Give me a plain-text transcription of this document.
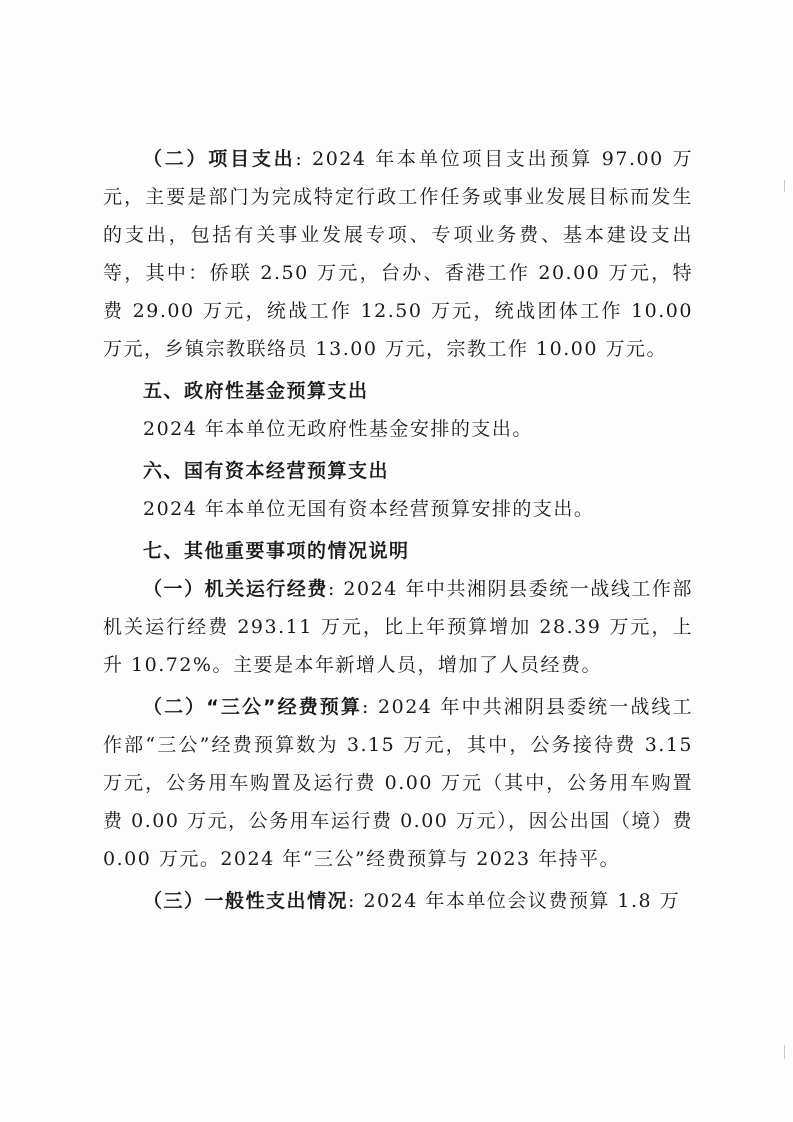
（二）项目支出: 2024 年本单位项目支出预算 97.00 万元，主要是部门为完成特定行政工作任务或事业发展目标而发生的支出，包括有关事业发展专项、专项业务费、基本建设支出等，其中：侨联 2.50 万元，台办、香港工作 20.00 万元，特费 29.00 万元，统战工作 12.50 万元，统战团体工作 10.00 万元，乡镇宗教联络员 13.00 万元，宗教工作 10.00 万元。

五、政府性基金预算支出
2024 年本单位无政府性基金安排的支出。
六、国有资本经营预算支出
2024 年本单位无国有资本经营预算安排的支出。
七、其他重要事项的情况说明

（一）机关运行经费: 2024 年中共湘阴县委统一战线工作部机关运行经费 293.11 万元，比上年预算增加 28.39 万元，上升 10.72%。主要是本年新增人员，增加了人员经费。

（二）“三公”经费预算: 2024 年中共湘阴县委统一战线工作部“三公”经费预算数为 3.15 万元，其中，公务接待费 3.15 万元，公务用车购置及运行费 0.00 万元（其中，公务用车购置费 0.00 万元，公务用车运行费 0.00 万元），因公出国（境）费 0.00 万元。2024 年“三公”经费预算与 2023 年持平。

（三）一般性支出情况: 2024 年本单位会议费预算 1.8 万
